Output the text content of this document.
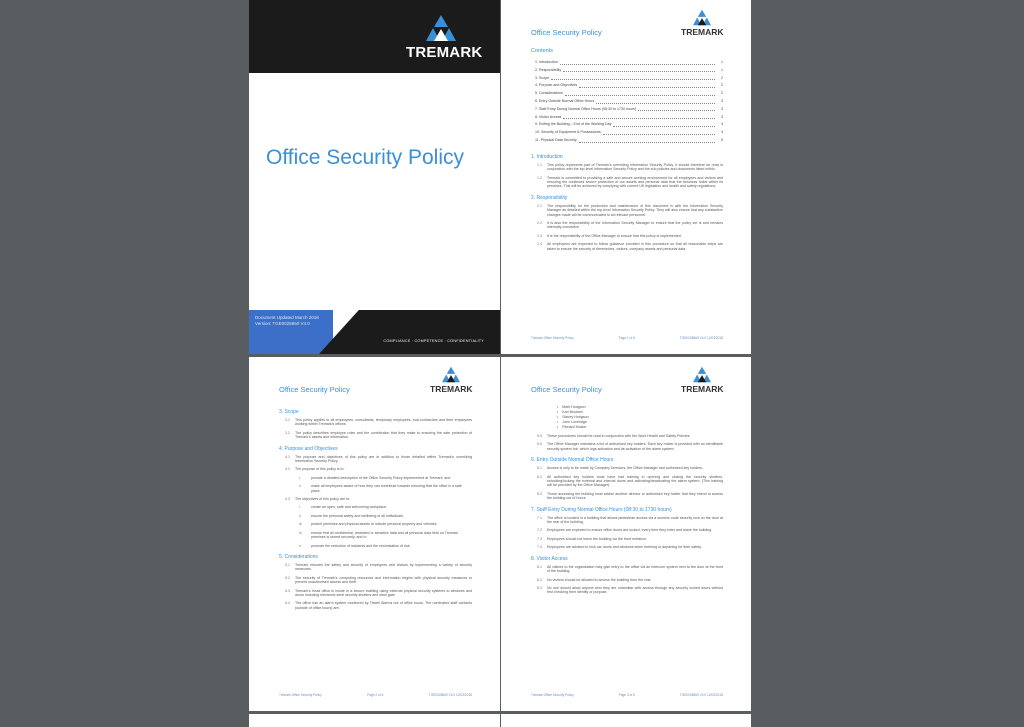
TREMARK
Office Security Policy
Document Updated March 2018
Version: TGE0028660 V4.0
COMPLIANCE · COMPETENCE · CONFIDENTIALITY
Office Security Policy	TREMARK
Contents
1. Introduction	1
2. Responsibility	1
3. Scope	2
4. Purpose and Objectives	2
5. Considerations	2
6. Entry Outside Normal Office Hours	3
7. Staff Entry During Normal Office Hours (08:30 to 1730 hours)	3
8. Visitor Access	3
9. Exiting the Building – End of the Working Day	4
10. Security of Equipment & Possessions	4
11. Physical Data Security	5
1. Introduction
1.1	This policy represents part of Tremark's overriding Information Security Policy. It should therefore be read in conjunction with the top-level Information Security Policy and the sub policies and documents listed within.
1.2	Tremark is committed to providing a safe and secure working environment for all employees and visitors and ensuring the continued secure protection of our assets and personal data that the business holds within its premises. This will be achieved by complying with current UK legislation and health and safety regulations.
2. Responsibility
2.1	The responsibility for the production and maintenance of this document is with the Information Security Manager as detailed within the top-level Information Security Policy. They will also ensure that any substantive changes made will be communicated to all relevant personnel.
2.2	It is also the responsibility of the Information Security Manager to ensure that the policy set is and remains internally consistent.
2.3	It is the responsibility of the Office Manager to ensure that this policy is implemented.
2.4	All employees are expected to follow guidance provided in this procedure so that all reasonable steps are taken to ensure the security of themselves, visitors, company assets and personal data.
Tremark Office Security Policy	Page 1 of 6	TGE0028660 V4.0 12/03/2018
Office Security Policy	TREMARK
3. Scope
3.1	This policy applies to all employees, consultants, temporary employees, sub-contractors and their employees working within Tremark's offices.
3.2	The policy describes employee roles and the contribution that they make to ensuring the safe protection of Tremark's assets and information.
4. Purpose and Objectives
4.1	The purpose and objectives of this policy are in addition to those detailed within Tremark's overriding Information Security Policy.
4.2	The purpose of this policy is to:
i.	provide a detailed description of the Office Security Policy implemented at Tremark; and
ii.	make all employees aware of how they can contribute towards ensuring that the office is a safe place.
4.3	The objectives of this policy are to:
i.	create an open, safe and welcoming workplace;
ii.	ensure the personal safety and wellbeing of all individuals;
iii.	protect premises and physical assets to include personal property and vehicles;
iv.	ensure that all confidential, restricted or sensitive data and all personal data held on Tremark premises is stored securely; and to
v.	promote the reduction of incidents and the minimisation of risk.
5. Considerations
5.1	Tremark ensures the safety and security of employees and visitors by implementing a variety of security measures.
5.2	The security of Tremark's computing resources and information begins with physical security measures to prevent unauthorised access and theft.
5.3	Tremark's head office is inside in a secure building using external physical security systems to windows and doors including electronic steel security shutters and steel gate.
5.4	The office has an alarm system monitored by Tisdell Alarms out of office hours. The nominated staff contacts (outside of office hours) are:
Tremark Office Security Policy	Page 2 of 6	TGE0028660 V4.0 12/03/2018
Office Security Policy	TREMARK
• Mark Hodgson
• Karl Brookes
• Stacey Hodgson
• John Loveridge
• Richard Mosler
5.5	These procedures should be read in conjunction with the Work Health and Safety Policies.
5.6	The Office Manager maintains a list of authorised key holders. Each key holder is provided with an identifiable security system fob, which logs activation and de-activation of the alarm system.
6. Entry Outside Normal Office Hours
6.1	Access is only to be made by Company Directors, the Office Manager and authorised key holders.
6.2	All authorised key holders must have had training in opening and closing the security shutters, unlocking/locking the external and internal doors and activating/deactivating the alarm system. (This training will be provided by the Office Manager).
6.3	Those accessing the building must advise another director or authorised key holder that they intend to access the building out of hours.
7. Staff Entry During Normal Office Hours (08:30 to 1730 hours)
7.1	The office is located in a building that allows pedestrian access via a numeric code security lock on the door at the rear of the building.
7.2	Employees are expected to ensure office doors are locked, every time they enter and leave the building.
7.3	Employees should not leave the building via the front entrance.
7.4	Employees are advised to lock car doors and windows when entering or departing for their safety.
8. Visitor Access
8.1	All visitors to the organisation may gain entry to the office via an intercom system next to the door at the front of the building.
8.2	No visitors should be allowed to access the building from the rear.
8.3	No one should allow anyone who they are unfamiliar with access through any security locked doors without first checking their identity or purpose.
Tremark Office Security Policy	Page 3 of 6	TGE0028660 V4.0 12/03/2018
